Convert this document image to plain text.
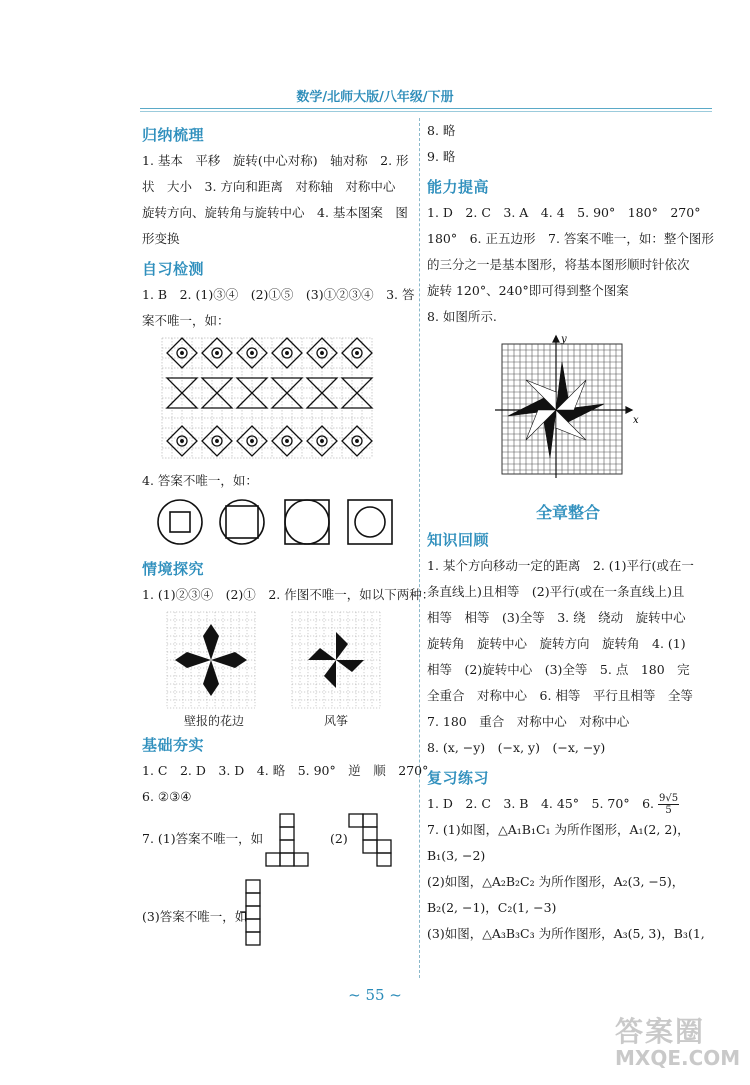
数学/北师大版/八年级/下册
归纳梳理
1. 基本　平移　旋转(中心对称)　轴对称　2. 形
状　大小　3. 方向和距离　对称轴　对称中心
旋转方向、旋转角与旋转中心　4. 基本图案　图
形变换
自习检测
1. B　2. (1)③④　(2)①⑤　(3)①②③④　3. 答
案不唯一，如：
4. 答案不唯一，如：
情境探究
1. (1)②③④　(2)①　2. 作图不唯一，如以下两种：
壁报的花边	风筝
基础夯实
1. C　2. D　3. D　4. 略　5. 90°　逆　顺　270°
6. ②③④
7. (1)答案不唯一，如	(2)
(3)答案不唯一，如
8. 略
9. 略
能力提高
1. D　2. C　3. A　4. 4　5. 90°　180°　270°
180°　6. 正五边形　7. 答案不唯一，如：整个图形
的三分之一是基本图形，将基本图形顺时针依次
旋转 120°、240°即可得到整个图案
8. 如图所示.
x
y
全章整合
知识回顾
1. 某个方向移动一定的距离　2. (1)平行(或在一
条直线上)且相等　(2)平行(或在一条直线上)且
相等　相等　(3)全等　3. 绕　绕动　旋转中心
旋转角　旋转中心　旋转方向　旋转角　4. (1)
相等　(2)旋转中心　(3)全等　5. 点　180　完
全重合　对称中心　6. 相等　平行且相等　全等
7. 180　重合　对称中心　对称中心
8. (x, −y)　(−x, y)　(−x, −y)
复习练习
1. D　2. C　3. B　4. 45°　5. 70°　6. $\frac{9√5}{5}$
7. (1)如图，△A₁B₁C₁ 为所作图形，A₁(2, 2)，
B₁(3, −2)
(2)如图，△A₂B₂C₂ 为所作图形，A₂(3, −5)，
B₂(2, −1)，C₂(1, −3)
(3)如图，△A₃B₃C₃ 为所作图形，A₃(5, 3)，B₃(1,
~ 55 ~
答案圈
MXQE.COM
